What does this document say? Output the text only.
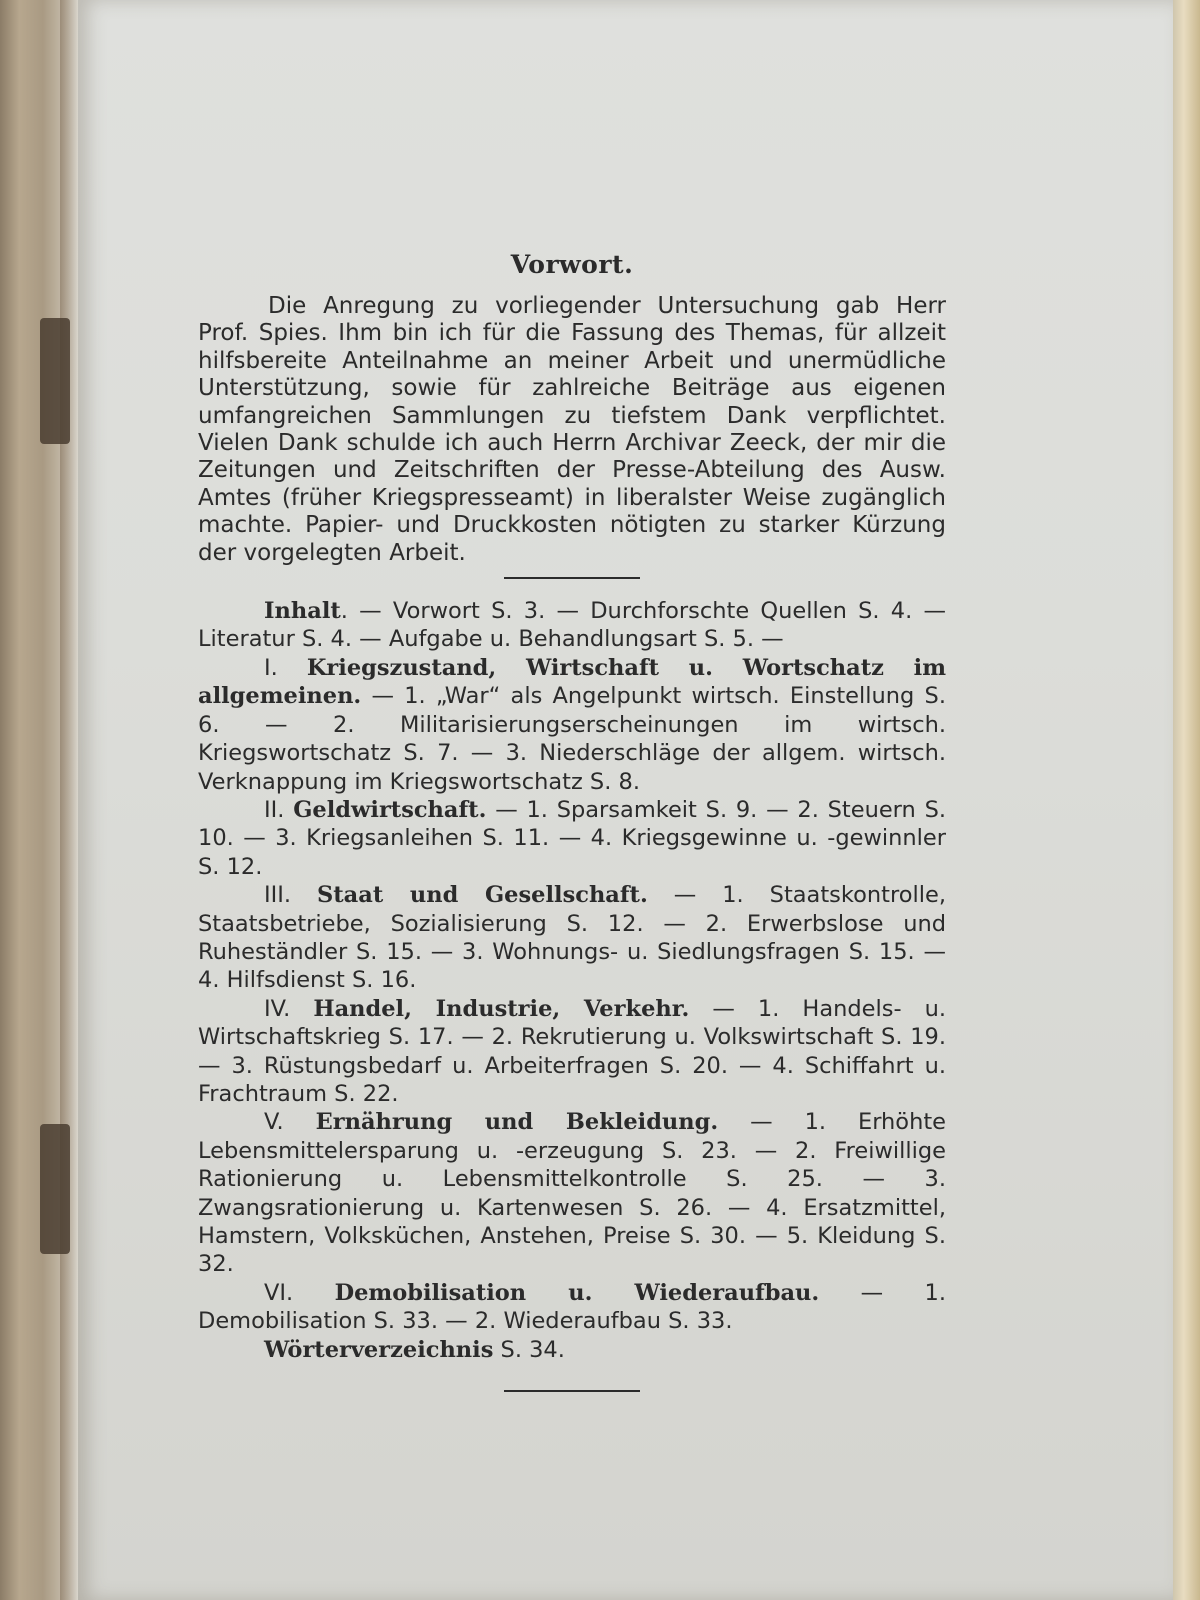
Vorwort.

Die Anregung zu vorliegender Untersuchung gab Herr Prof. Spies. Ihm bin ich für die Fassung des Themas, für allzeit hilfsbereite Anteilnahme an meiner Arbeit und unermüdliche Unterstützung, sowie für zahlreiche Beiträge aus eigenen umfangreichen Sammlungen zu tiefstem Dank verpflichtet. Vielen Dank schulde ich auch Herrn Archivar Zeeck, der mir die Zeitungen und Zeitschriften der Presse-Abteilung des Ausw. Amtes (früher Kriegspresseamt) in liberalster Weise zugänglich machte. Papier- und Druckkosten nötigten zu starker Kürzung der vorgelegten Arbeit.

Inhalt. — Vorwort S. 3. — Durchforschte Quellen S. 4. — Literatur S. 4. — Aufgabe u. Behandlungsart S. 5. —

I. Kriegszustand, Wirtschaft u. Wortschatz im allgemeinen. — 1. „War“ als Angelpunkt wirtsch. Einstellung S. 6. — 2. Militarisierungserscheinungen im wirtsch. Kriegswortschatz S. 7. — 3. Niederschläge der allgem. wirtsch. Verknappung im Kriegswortschatz S. 8.

II. Geldwirtschaft. — 1. Sparsamkeit S. 9. — 2. Steuern S. 10. — 3. Kriegsanleihen S. 11. — 4. Kriegsgewinne u. -gewinnler S. 12.

III. Staat und Gesellschaft. — 1. Staatskontrolle, Staatsbetriebe, Sozialisierung S. 12. — 2. Erwerbslose und Ruheständler S. 15. — 3. Wohnungs- u. Siedlungsfragen S. 15. — 4. Hilfsdienst S. 16.

IV. Handel, Industrie, Verkehr. — 1. Handels- u. Wirtschaftskrieg S. 17. — 2. Rekrutierung u. Volkswirtschaft S. 19. — 3. Rüstungsbedarf u. Arbeiterfragen S. 20. — 4. Schiffahrt u. Frachtraum S. 22.

V. Ernährung und Bekleidung. — 1. Erhöhte Lebensmittelersparung u. -erzeugung S. 23. — 2. Freiwillige Rationierung u. Lebensmittelkontrolle S. 25. — 3. Zwangsrationierung u. Kartenwesen S. 26. — 4. Ersatzmittel, Hamstern, Volksküchen, Anstehen, Preise S. 30. — 5. Kleidung S. 32.

VI. Demobilisation u. Wiederaufbau. — 1. Demobilisation S. 33. — 2. Wiederaufbau S. 33.

Wörterverzeichnis S. 34.
